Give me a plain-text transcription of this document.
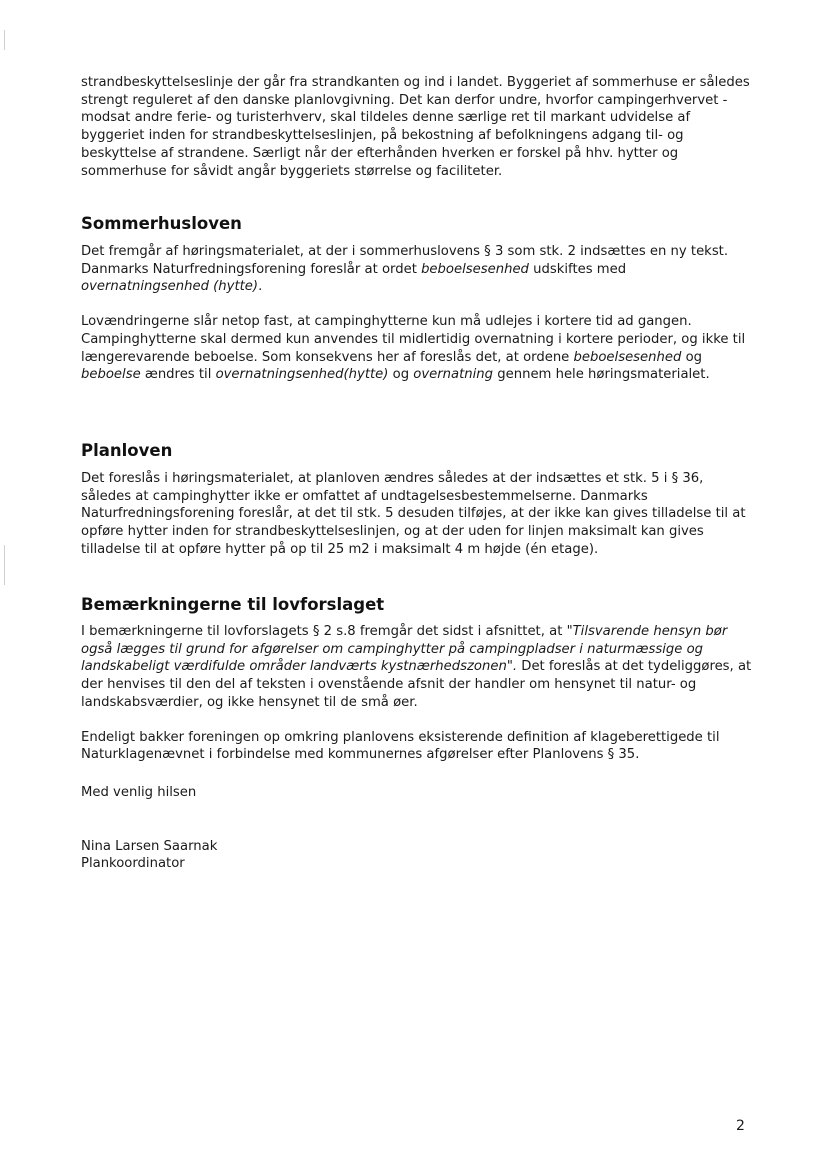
strandbeskyttelseslinje der går fra strandkanten og ind i landet. Byggeriet af sommerhuse er således strengt reguleret af den danske planlovgivning. Det kan derfor undre, hvorfor campingerhvervet - modsat andre ferie- og turisterhverv, skal tildeles denne særlige ret til markant udvidelse af byggeriet inden for strandbeskyttelseslinjen, på bekostning af befolkningens adgang til- og beskyttelse af strandene. Særligt når der efterhånden hverken er forskel på hhv. hytter og sommerhuse for såvidt angår byggeriets størrelse og faciliteter.

Sommerhusloven

Det fremgår af høringsmaterialet, at der i sommerhuslovens § 3 som stk. 2 indsættes en ny tekst. Danmarks Naturfredningsforening foreslår at ordet beboelsesenhed udskiftes med overnatningsenhed (hytte).

Lovændringerne slår netop fast, at campinghytterne kun må udlejes i kortere tid ad gangen. Campinghytterne skal dermed kun anvendes til midlertidig overnatning i kortere perioder, og ikke til længerevarende beboelse. Som konsekvens her af foreslås det, at ordene beboelsesenhed og beboelse ændres til overnatningsenhed(hytte) og overnatning gennem hele høringsmaterialet.

Planloven

Det foreslås i høringsmaterialet, at planloven ændres således at der indsættes et stk. 5 i § 36, således at campinghytter ikke er omfattet af undtagelsesbestemmelserne. Danmarks Naturfredningsforening foreslår, at det til stk. 5 desuden tilføjes, at der ikke kan gives tilladelse til at opføre hytter inden for strandbeskyttelseslinjen, og at der uden for linjen maksimalt kan gives tilladelse til at opføre hytter på op til 25 m2 i maksimalt 4 m højde (én etage).

Bemærkningerne til lovforslaget

I bemærkningerne til lovforslagets § 2 s.8 fremgår det sidst i afsnittet, at "Tilsvarende hensyn bør også lægges til grund for afgørelser om campinghytter på campingpladser i naturmæssige og landskabeligt værdifulde områder landværts kystnærhedszonen". Det foreslås at det tydeliggøres, at der henvises til den del af teksten i ovenstående afsnit der handler om hensynet til natur- og landskabsværdier, og ikke hensynet til de små øer.

Endeligt bakker foreningen op omkring planlovens eksisterende definition af klageberettigede til Naturklagenævnet i forbindelse med kommunernes afgørelser efter Planlovens § 35.

Med venlig hilsen

Nina Larsen Saarnak

Plankoordinator

2
